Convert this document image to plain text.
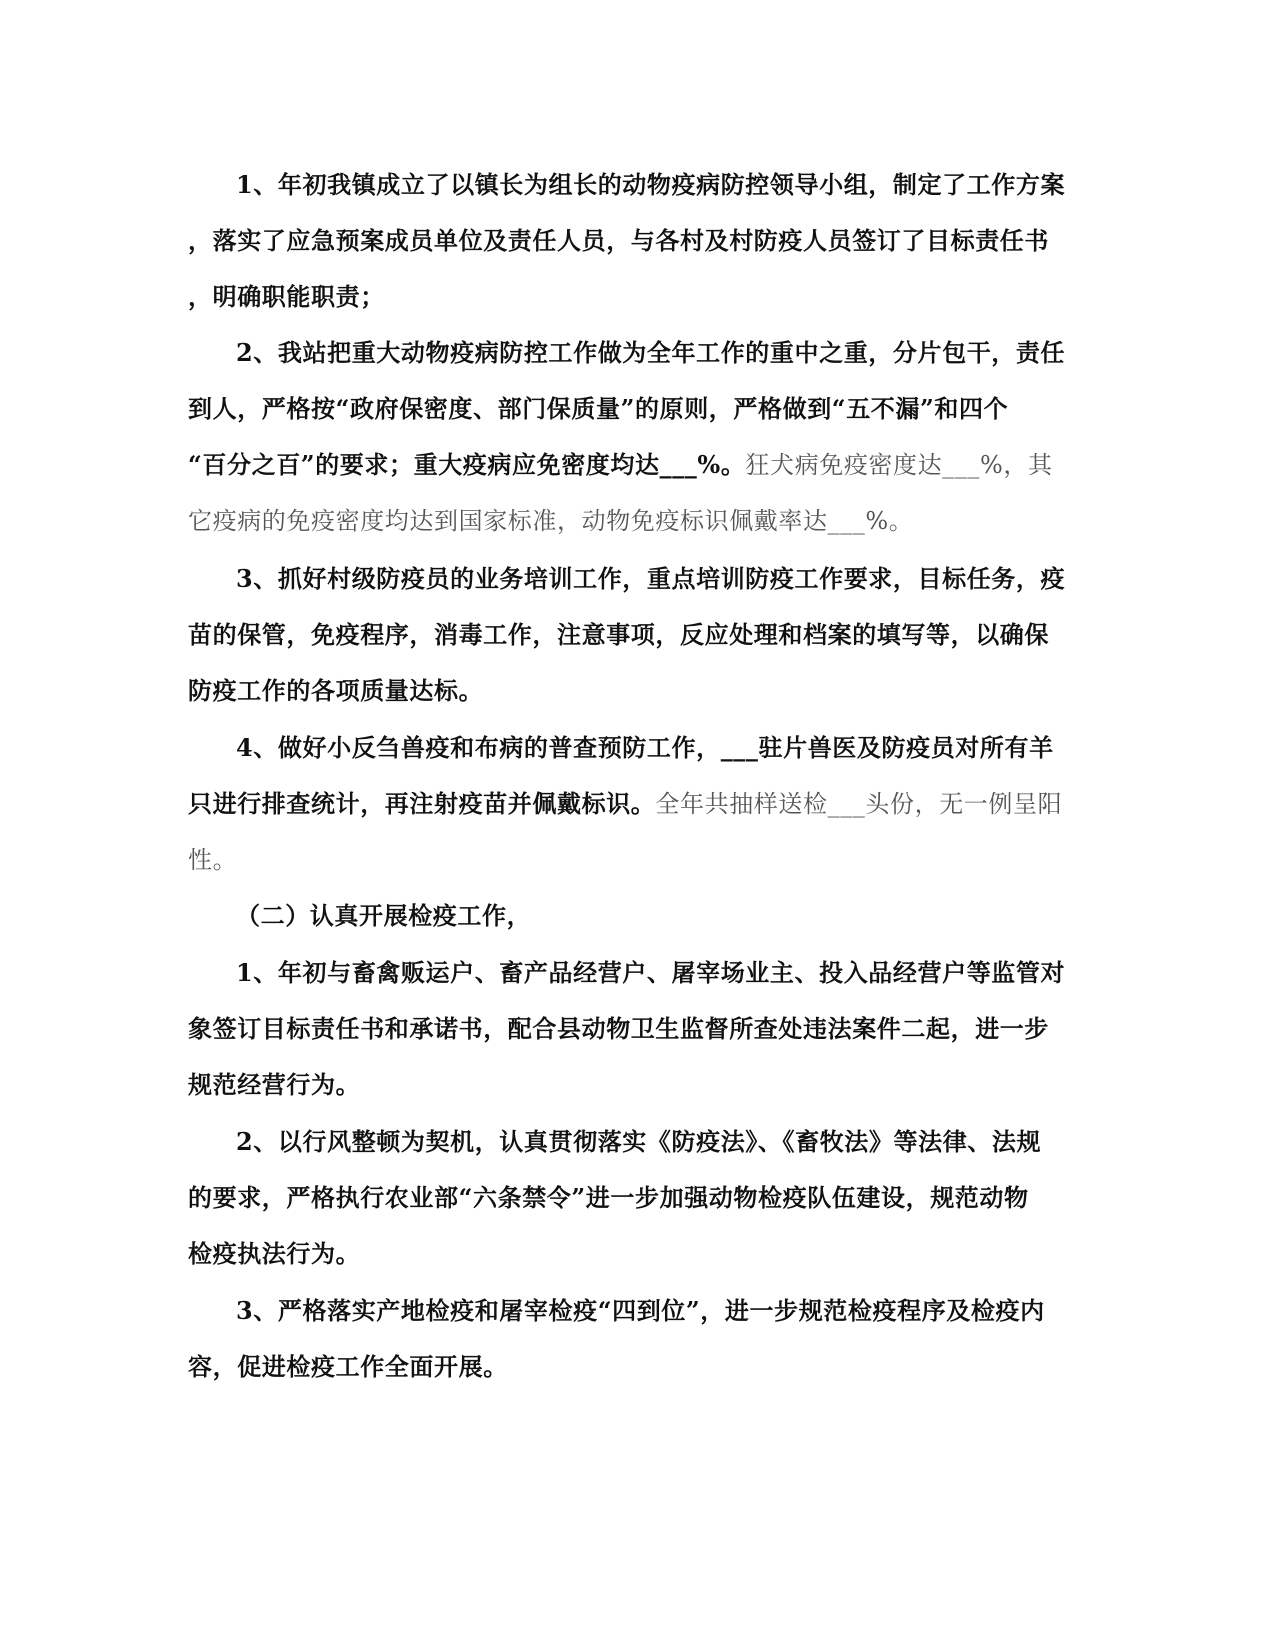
1、年初我镇成立了以镇长为组长的动物疫病防控领导小组，制定了工作方案
，落实了应急预案成员单位及责任人员，与各村及村防疫人员签订了目标责任书
，明确职能职责；
2、我站把重大动物疫病防控工作做为全年工作的重中之重，分片包干，责任
到人，严格按“政府保密度、部门保质量”的原则，严格做到“五不漏”和四个
“百分之百”的要求；重大疫病应免密度均达___%。狂犬病免疫密度达___%，其
它疫病的免疫密度均达到国家标准，动物免疫标识佩戴率达___%。
3、抓好村级防疫员的业务培训工作，重点培训防疫工作要求，目标任务，疫
苗的保管，免疫程序，消毒工作，注意事项，反应处理和档案的填写等，以确保
防疫工作的各项质量达标。
4、做好小反刍兽疫和布病的普查预防工作，___驻片兽医及防疫员对所有羊
只进行排查统计，再注射疫苗并佩戴标识。全年共抽样送检___头份，无一例呈阳
性。
（二）认真开展检疫工作，
1、年初与畜禽贩运户、畜产品经营户、屠宰场业主、投入品经营户等监管对
象签订目标责任书和承诺书，配合县动物卫生监督所查处违法案件二起，进一步
规范经营行为。
2、以行风整顿为契机，认真贯彻落实《防疫法》、《畜牧法》等法律、法规
的要求，严格执行农业部“六条禁令”进一步加强动物检疫队伍建设，规范动物
检疫执法行为。
3、严格落实产地检疫和屠宰检疫“四到位”，进一步规范检疫程序及检疫内
容，促进检疫工作全面开展。
